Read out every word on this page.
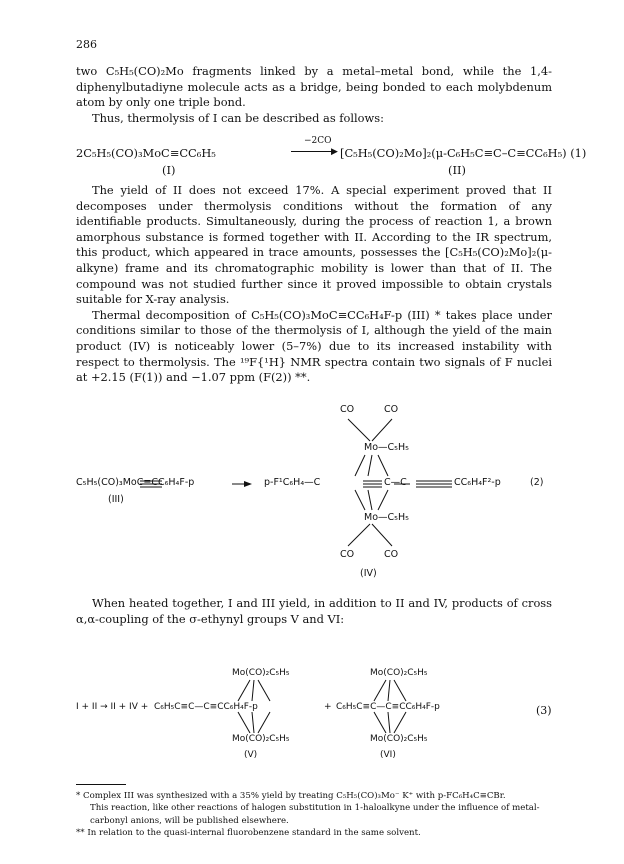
286

two C₅H₅(CO)₂Mo fragments linked by a metal–metal bond, while the 1,4-diphenylbutadiyne molecule acts as a bridge, being bonded to each molybdenum atom by only one triple bond.

Thus, thermolysis of I can be described as follows:

2C₅H₅(CO)₃MoC≡CC₆H₅
−2CO
▶ [C₅H₅(CO)₂Mo]₂(μ-C₆H₅C≡C–C≡CC₆H₅) (1)
(I)	(II)

The yield of II does not exceed 17%. A special experiment proved that II decomposes under thermolysis conditions without the formation of any identifiable products. Simultaneously, during the process of reaction 1, a brown amorphous substance is formed together with II. According to the IR spectrum, this product, which appeared in trace amounts, possesses the [C₅H₅(CO)₂Mo]₂(μ-alkyne) frame and its chromatographic mobility is lower than that of II. The compound was not studied further since it proved impossible to obtain crystals suitable for X-ray analysis.

Thermal decomposition of C₅H₅(CO)₃MoC≡CC₆H₄F-p (III) * takes place under conditions similar to those of the thermolysis of I, although the yield of the main product (IV) is noticeably lower (5–7%) due to its increased instability with respect to thermolysis. The ¹⁹F{¹H} NMR spectra contain two signals of F nuclei at +2.15 (F(1)) and −1.07 ppm (F(2)) **.

CO	CO
Mo—C₅H₅
C₅H₅(CO)₃MoC≡CC₆H₄F-p	p-F¹C₆H₄—C	C—C	CC₆H₄F²-p	(2)
(III)
Mo—C₅H₅
CO	CO
(IV)

When heated together, I and III yield, in addition to II and IV, products of cross α,α-coupling of the σ-ethynyl groups V and VI:

Mo(CO)₂C₅H₅	Mo(CO)₂C₅H₅
I + II → II + IV + C₆H₅C≡C—C≡CC₆H₄F-p	+ C₆H₅C≡C—C≡CC₆H₄F-p	(3)
Mo(CO)₂C₅H₅	Mo(CO)₂C₅H₅
(V)	(VI)

* Complex III was synthesized with a 35% yield by treating C₅H₅(CO)₃Mo⁻ K⁺ with p-FC₆H₄C≡CBr.

This reaction, like other reactions of halogen substitution in 1-haloalkyne under the influence of metal-carbonyl anions, will be published elsewhere.

** In relation to the quasi-internal fluorobenzene standard in the same solvent.
